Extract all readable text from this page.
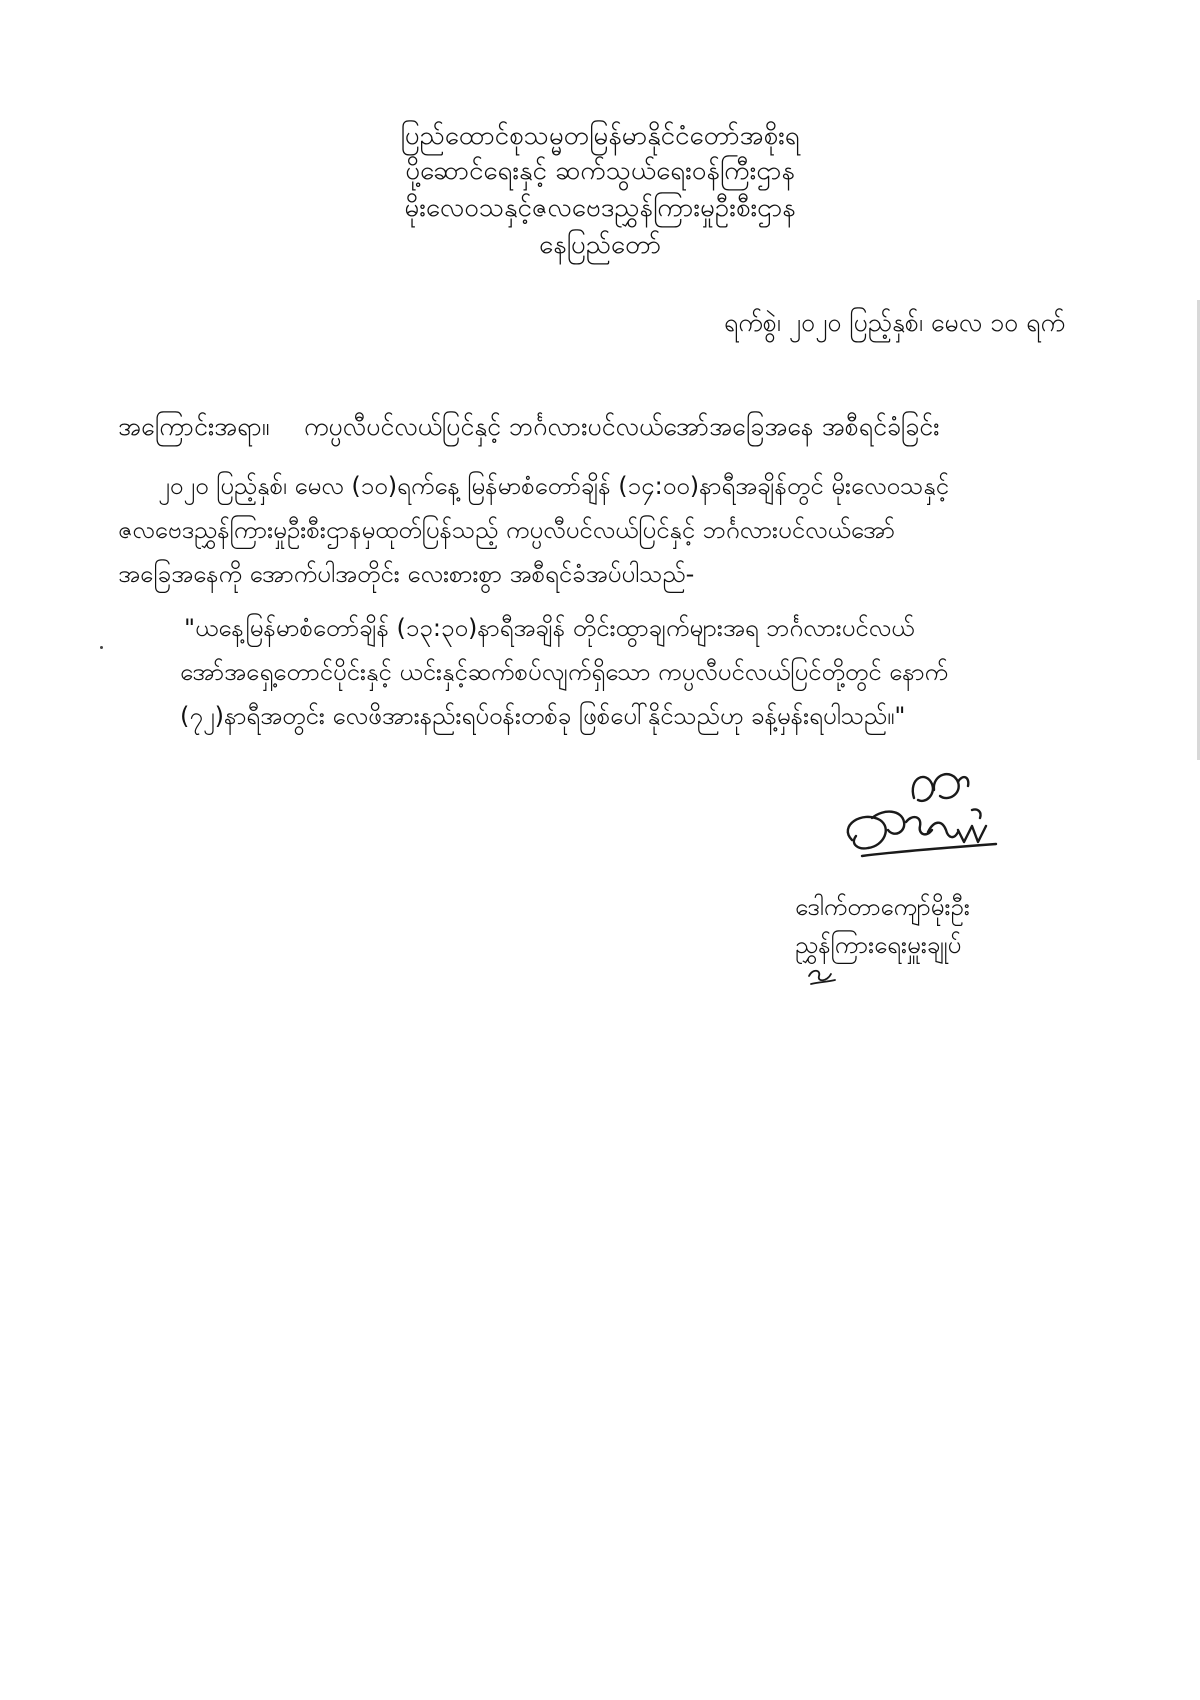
ပြည်ထောင်စုသမ္မတမြန်မာနိုင်ငံတော်အစိုးရ
ပို့ဆောင်ရေးနှင့် ဆက်သွယ်ရေးဝန်ကြီးဌာန
မိုးလေဝသနှင့်ဇလဗေဒညွှန်ကြားမှုဦးစီးဌာန
နေပြည်တော်
ရက်စွဲ၊ ၂၀၂၀ ပြည့်နှစ်၊ မေလ ၁၀ ရက်
အကြောင်းအရာ။ ကပ္ပလီပင်လယ်ပြင်နှင့် ဘင်္ဂလားပင်လယ်အော်အခြေအနေ အစီရင်ခံခြင်း
၂၀၂၀ ပြည့်နှစ်၊ မေလ (၁၀)ရက်နေ့ မြန်မာစံတော်ချိန် (၁၄:၀၀)နာရီအချိန်တွင် မိုးလေဝသနှင့်
ဇလဗေဒညွှန်ကြားမှုဦးစီးဌာနမှထုတ်ပြန်သည့် ကပ္ပလီပင်လယ်ပြင်နှင့် ဘင်္ဂလားပင်လယ်အော်
အခြေအနေကို အောက်ပါအတိုင်း လေးစားစွာ အစီရင်ခံအပ်ပါသည်-
"ယနေ့မြန်မာစံတော်ချိန် (၁၃:၃၀)နာရီအချိန် တိုင်းထွာချက်များအရ ဘင်္ဂလားပင်လယ်
အော်အရှေ့တောင်ပိုင်းနှင့် ယင်းနှင့်ဆက်စပ်လျက်ရှိသော ကပ္ပလီပင်လယ်ပြင်တို့တွင် နောက်
(၇၂)နာရီအတွင်း လေဖိအားနည်းရပ်ဝန်းတစ်ခု ဖြစ်ပေါ်နိုင်သည်ဟု ခန့်မှန်းရပါသည်။"
ဒေါက်တာကျော်မိုးဦး
ညွှန်ကြားရေးမှူးချုပ်
